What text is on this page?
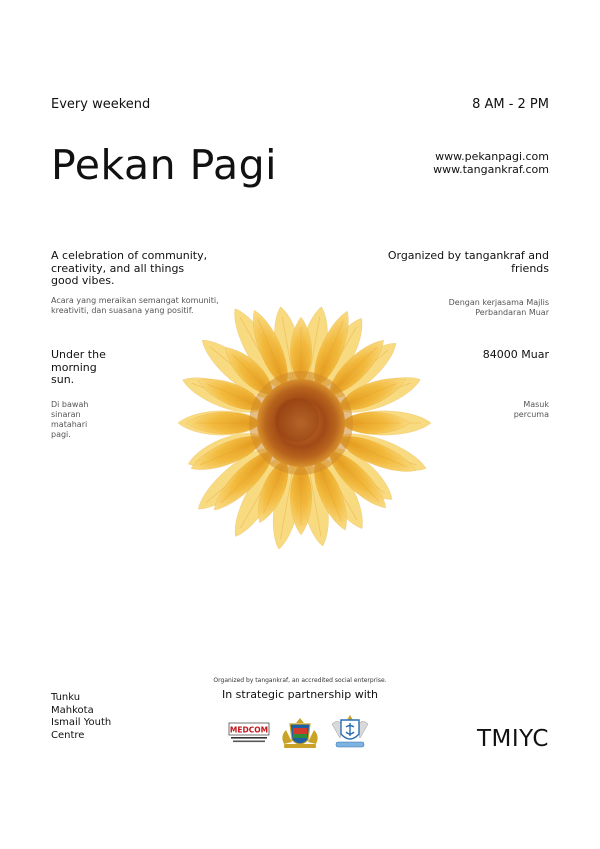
Every weekend	8 AM - 2 PM
Pekan Pagi	www.pekanpagi.com
www.tangankraf.com
A celebration of community, creativity, and all things good vibes.
Acara yang meraikan semangat komuniti, kreativiti, dan suasana yang positif.
Under the morning sun.
Di bawah sinaran matahari pagi.
Organized by tangankraf and friends
Dengan kerjasama Majlis Perbandaran Muar
84000 Muar
Masuk percuma
Tunku Mahkota Ismail Youth Centre
Organized by tangankraf, an accredited social enterprise.
In strategic partnership with
MEDCOM	TMIYC
